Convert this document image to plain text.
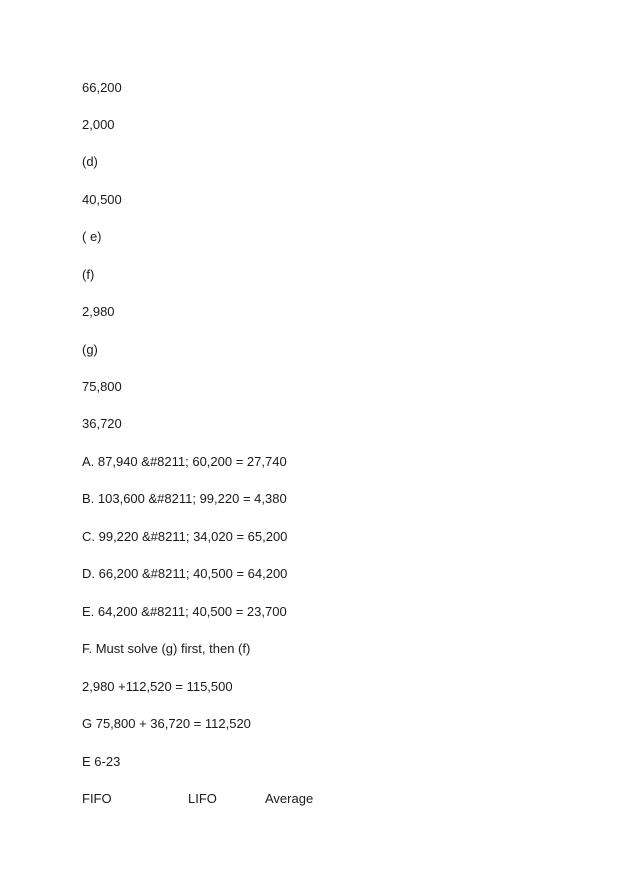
66,200
2,000
(d)
40,500
( e)
(f)
2,980
(g)
75,800
36,720
A. 87,940 &#8211; 60,200 = 27,740
B. 103,600 &#8211; 99,220 = 4,380
C. 99,220 &#8211; 34,020 = 65,200
D. 66,200 &#8211; 40,500 = 64,200
E. 64,200 &#8211; 40,500 = 23,700
F. Must solve (g) first, then (f)
2,980 +112,520 = 115,500
G 75,800 + 36,720 = 112,520
E 6-23
FIFO	LIFO	Average
